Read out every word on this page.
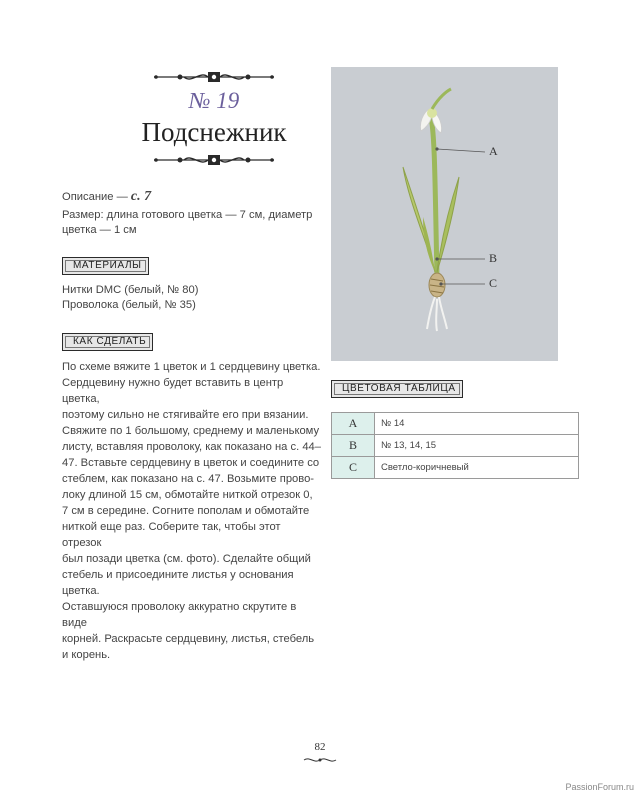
№ 19
Подснежник
Описание — с. 7
Размер: длина готового цветка — 7 см, диаметр
цветка — 1 см
МАТЕРИАЛЫ
Нитки DMC (белый, № 80)
Проволока (белый, № 35)
КАК СДЕЛАТЬ
По схеме вяжите 1 цветок и 1 сердцевину цветка.
Сердцевину нужно будет вставить в центр цветка,
поэтому сильно не стягивайте его при вязании.
Свяжите по 1 большому, среднему и маленькому
листу, вставляя проволоку, как показано на с. 44–
47. Вставьте сердцевину в цветок и соедините со
стеблем, как показано на с. 47. Возьмите прово-
локу длиной 15 см, обмотайте ниткой отрезок 0,
7 см в середине. Согните пополам и обмотайте
ниткой еще раз. Соберите так, чтобы этот отрезок
был позади цветка (см. фото). Сделайте общий
стебель и присоедините листья у основания цветка.
Оставшуюся проволоку аккуратно скрутите в виде
корней. Раскрасьте сердцевину, листья, стебель
и корень.
A
B
C
ЦВЕТОВАЯ ТАБЛИЦА
A	№ 14
B	№ 13, 14, 15
C	Светло-коричневый
82
PassionForum.ru
